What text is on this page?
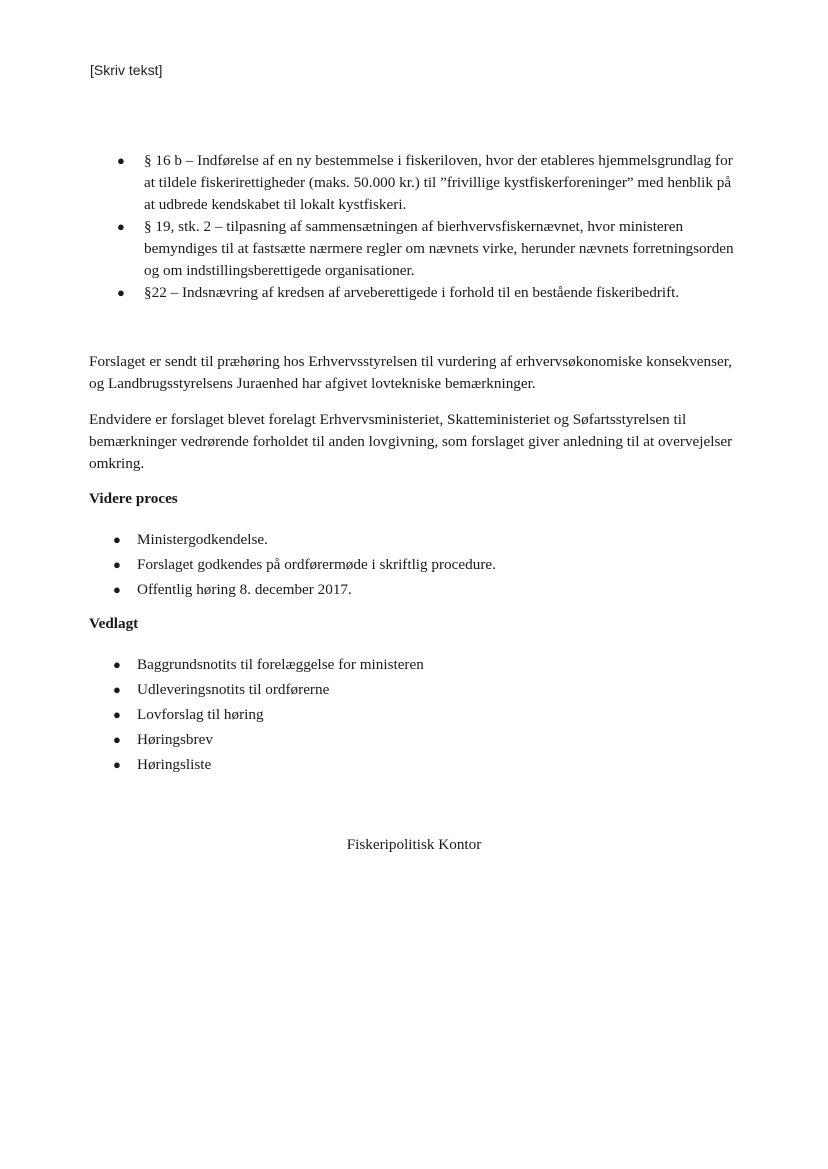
[Skriv tekst]
● § 16 b – Indførelse af en ny bestemmelse i fiskeriloven, hvor der etableres hjemmelsgrundlag for at tildele fiskerirettigheder (maks. 50.000 kr.) til ”frivillige kystfiskerforeninger” med henblik på at udbrede kendskabet til lokalt kystfiskeri.
● § 19, stk. 2 – tilpasning af sammensætningen af bierhvervsfiskernævnet, hvor ministeren bemyndiges til at fastsætte nærmere regler om nævnets virke, herunder nævnets forretningsorden og om indstillingsberettigede organisationer.
● §22 – Indsnævring af kredsen af arveberettigede i forhold til en bestående fiskeribedrift.

Forslaget er sendt til præhøring hos Erhvervsstyrelsen til vurdering af erhvervsøkonomiske konsekvenser, og Landbrugsstyrelsens Juraenhed har afgivet lovtekniske bemærkninger.

Endvidere er forslaget blevet forelagt Erhvervsministeriet, Skatteministeriet og Søfartsstyrelsen til bemærkninger vedrørende forholdet til anden lovgivning, som forslaget giver anledning til at overvejelser omkring.

Videre proces
● Ministergodkendelse.
● Forslaget godkendes på ordførermøde i skriftlig procedure.
● Offentlig høring 8. december 2017.
Vedlagt
● Baggrundsnotits til forelæggelse for ministeren
● Udleveringsnotits til ordførerne
● Lovforslag til høring
● Høringsbrev
● Høringsliste
Fiskeripolitisk Kontor
